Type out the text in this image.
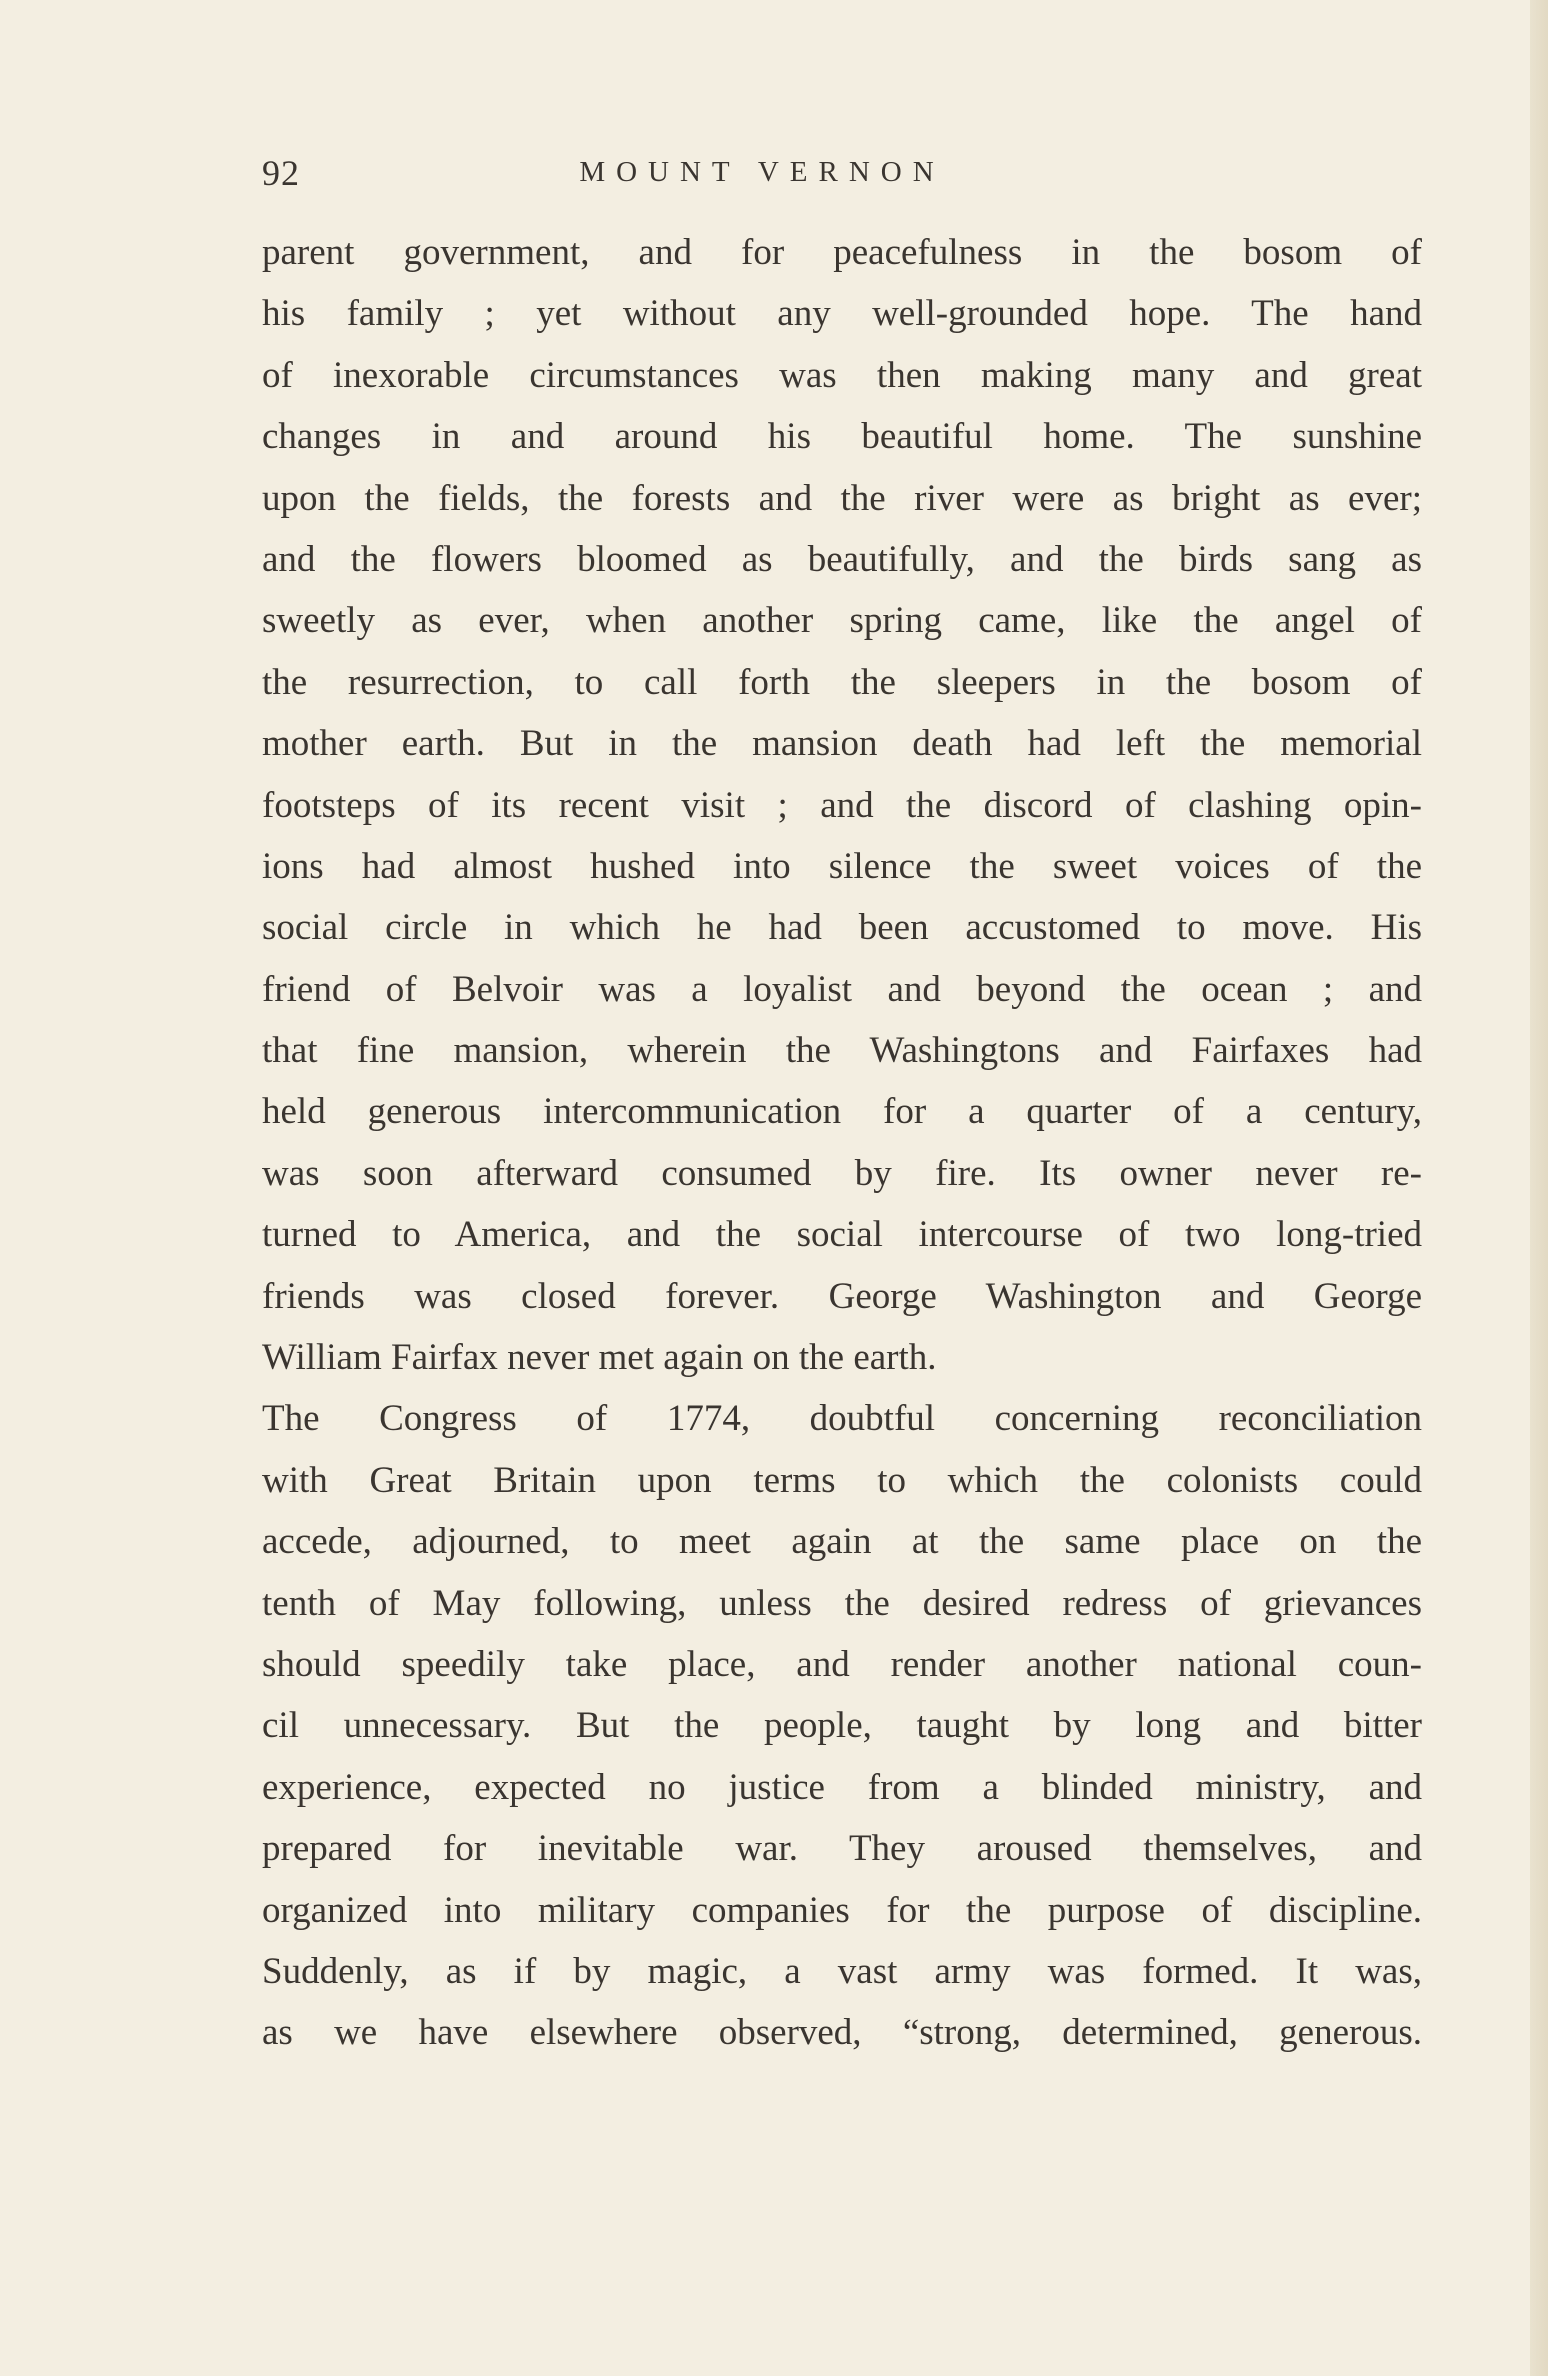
92	MOUNT VERNON
parent government, and for peacefulness in the bosom of
his family ; yet without any well-grounded hope. The hand
of inexorable circumstances was then making many and great
changes in and around his beautiful home. The sunshine
upon the fields, the forests and the river were as bright as ever;
and the flowers bloomed as beautifully, and the birds sang as
sweetly as ever, when another spring came, like the angel of
the resurrection, to call forth the sleepers in the bosom of
mother earth. But in the mansion death had left the memorial
footsteps of its recent visit ; and the discord of clashing opin-
ions had almost hushed into silence the sweet voices of the
social circle in which he had been accustomed to move. His
friend of Belvoir was a loyalist and beyond the ocean ; and
that fine mansion, wherein the Washingtons and Fairfaxes had
held generous intercommunication for a quarter of a century,
was soon afterward consumed by fire. Its owner never re-
turned to America, and the social intercourse of two long-tried
friends was closed forever. George Washington and George
William Fairfax never met again on the earth.
The Congress of 1774, doubtful concerning reconciliation
with Great Britain upon terms to which the colonists could
accede, adjourned, to meet again at the same place on the
tenth of May following, unless the desired redress of grievances
should speedily take place, and render another national coun-
cil unnecessary. But the people, taught by long and bitter
experience, expected no justice from a blinded ministry, and
prepared for inevitable war. They aroused themselves, and
organized into military companies for the purpose of discipline.
Suddenly, as if by magic, a vast army was formed. It was,
as we have elsewhere observed, “strong, determined, generous.
